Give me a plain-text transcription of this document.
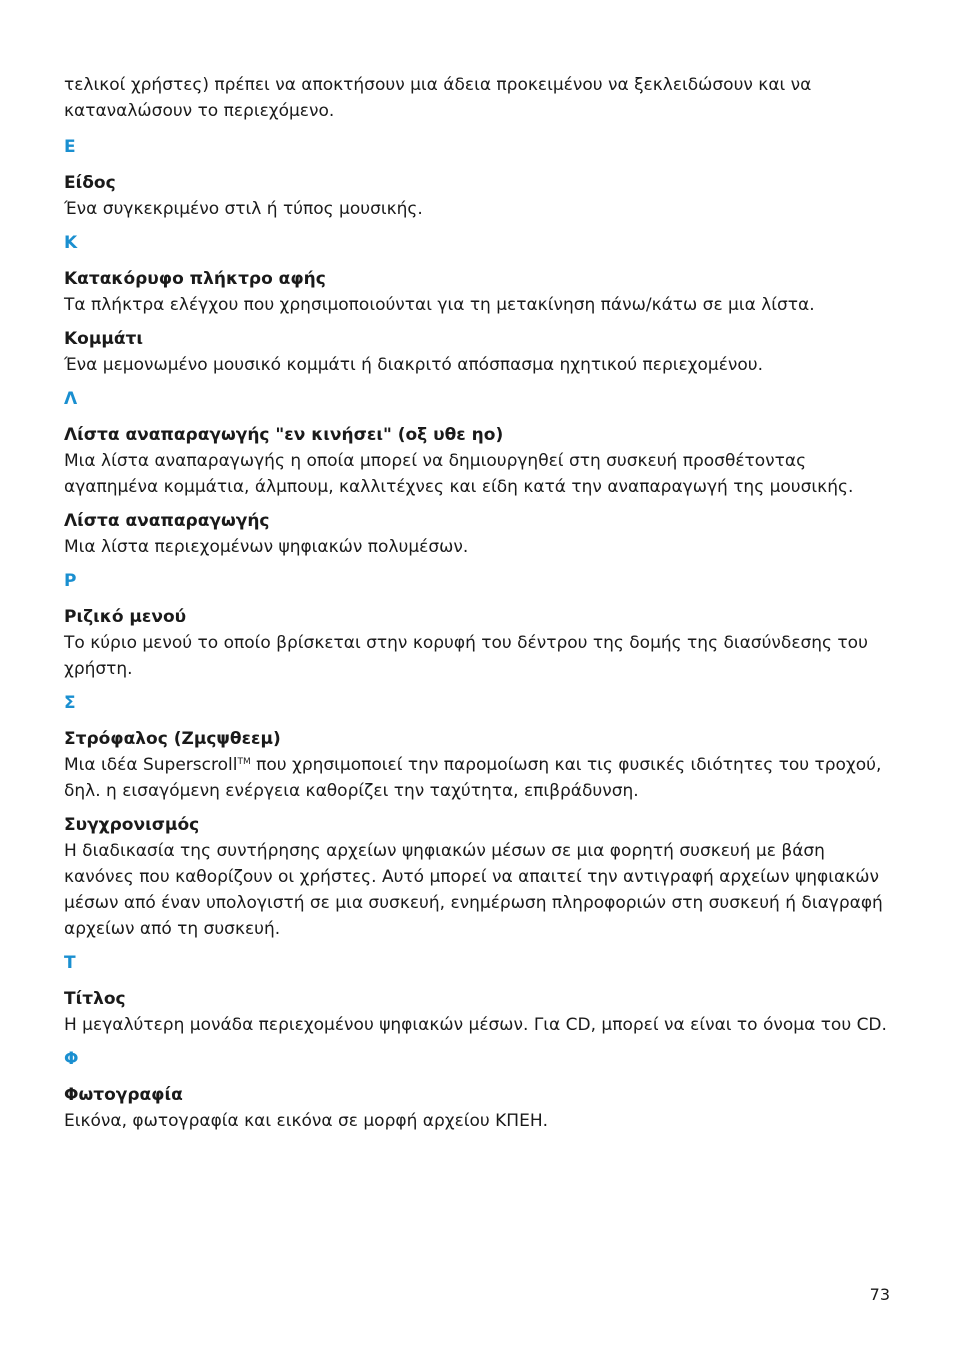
τελικοί χρήστες) πρέπει να αποκτήσουν μια άδεια προκειμένου να ξεκλειδώσουν και να καταναλώσουν το περιεχόμενο.

E

Είδος

Ένα συγκεκριμένο στιλ ή τύπος μουσικής.

K

Κατακόρυφο πλήκτρο αφής

Τα πλήκτρα ελέγχου που χρησιμοποιούνται για τη μετακίνηση πάνω/κάτω σε μια λίστα.

Κομμάτι

Ένα μεμονωμένο μουσικό κομμάτι ή διακριτό απόσπασμα ηχητικού περιεχομένου.

Λ

Λίστα αναπαραγωγής "εν κινήσει" (οξ υθε ηο)

Μια λίστα αναπαραγωγής η οποία μπορεί να δημιουργηθεί στη συσκευή προσθέτοντας αγαπημένα κομμάτια, άλμπουμ, καλλιτέχνες και είδη κατά την αναπαραγωγή της μουσικής.

Λίστα αναπαραγωγής

Μια λίστα περιεχομένων ψηφιακών πολυμέσων.

P

Ριζικό μενού

Το κύριο μενού το οποίο βρίσκεται στην κορυφή του δέντρου της δομής της διασύνδεσης του χρήστη.

Σ

Στρόφαλος (Ζμςψθεεμ)

Μια ιδέα Superscroll™ που χρησιμοποιεί την παρομοίωση και τις φυσικές ιδιότητες του τροχού, δηλ. η εισαγόμενη ενέργεια καθορίζει την ταχύτητα, επιβράδυνση.

Συγχρονισμός

Η διαδικασία της συντήρησης αρχείων ψηφιακών μέσων σε μια φορητή συσκευή με βάση κανόνες που καθορίζουν οι χρήστες. Αυτό μπορεί να απαιτεί την αντιγραφή αρχείων ψηφιακών μέσων από έναν υπολογιστή σε μια συσκευή, ενημέρωση πληροφοριών στη συσκευή ή διαγραφή αρχείων από τη συσκευή.

T

Τίτλος

Η μεγαλύτερη μονάδα περιεχομένου ψηφιακών μέσων. Για CD, μπορεί να είναι το όνομα του CD.

Φ

Φωτογραφία

Εικόνα, φωτογραφία και εικόνα σε μορφή αρχείου ΚΠΕΗ.

73
